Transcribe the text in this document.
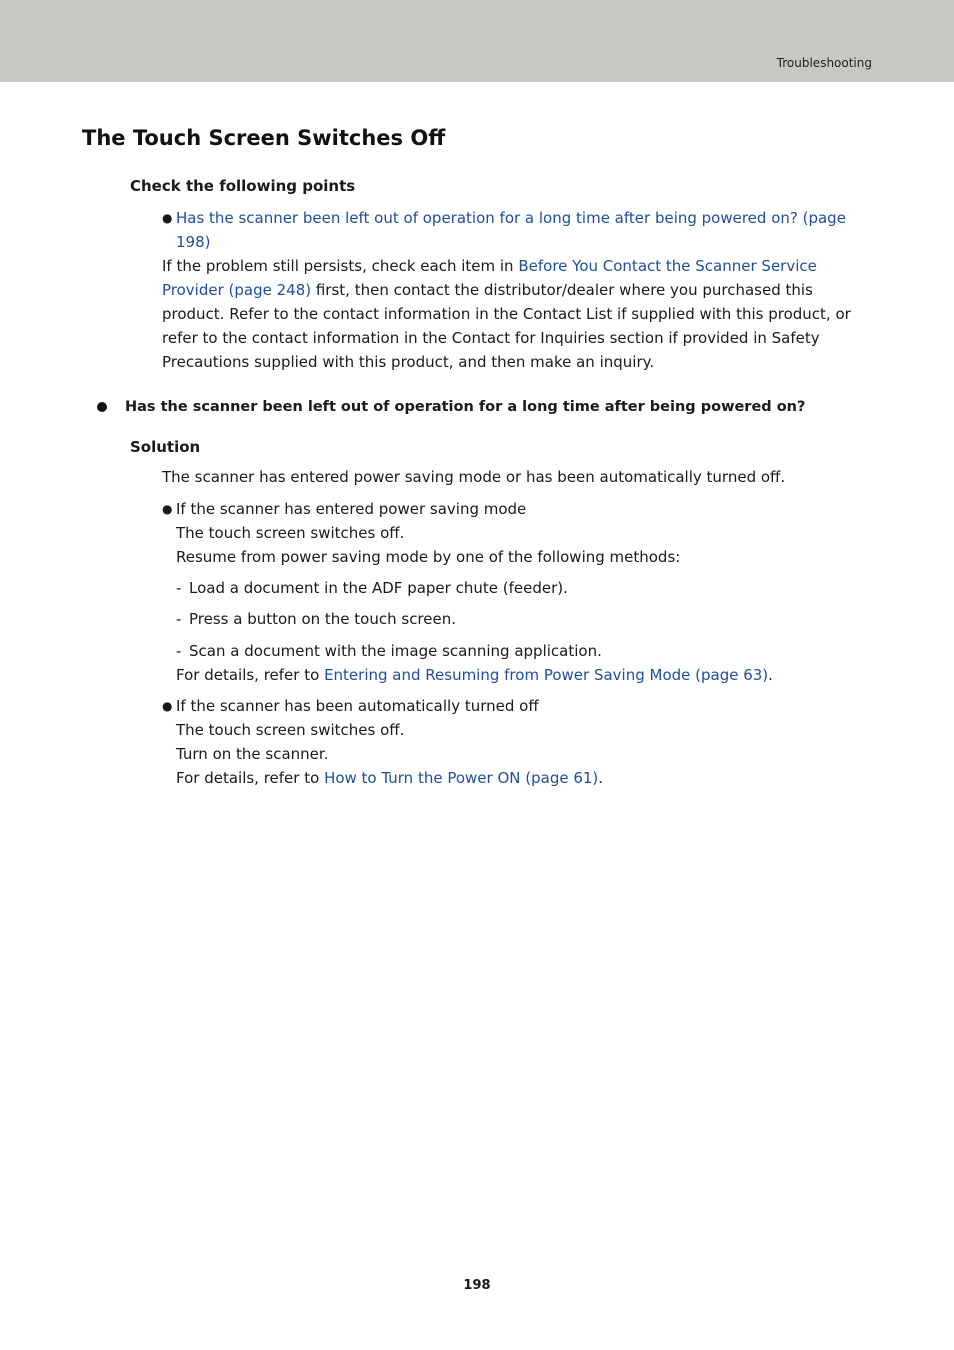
Troubleshooting
The Touch Screen Switches Off
Check the following points
● Has the scanner been left out of operation for a long time after being powered on? (page
198)
If the problem still persists, check each item in Before You Contact the Scanner Service
Provider (page 248) first, then contact the distributor/dealer where you purchased this
product. Refer to the contact information in the Contact List if supplied with this product, or
refer to the contact information in the Contact for Inquiries section if provided in Safety
Precautions supplied with this product, and then make an inquiry.
Has the scanner been left out of operation for a long time after being powered on?
Solution
The scanner has entered power saving mode or has been automatically turned off.
● If the scanner has entered power saving mode
The touch screen switches off.
Resume from power saving mode by one of the following methods:
- Load a document in the ADF paper chute (feeder).
- Press a button on the touch screen.
- Scan a document with the image scanning application.
For details, refer to Entering and Resuming from Power Saving Mode (page 63).
● If the scanner has been automatically turned off
The touch screen switches off.
Turn on the scanner.
For details, refer to How to Turn the Power ON (page 61).
198
